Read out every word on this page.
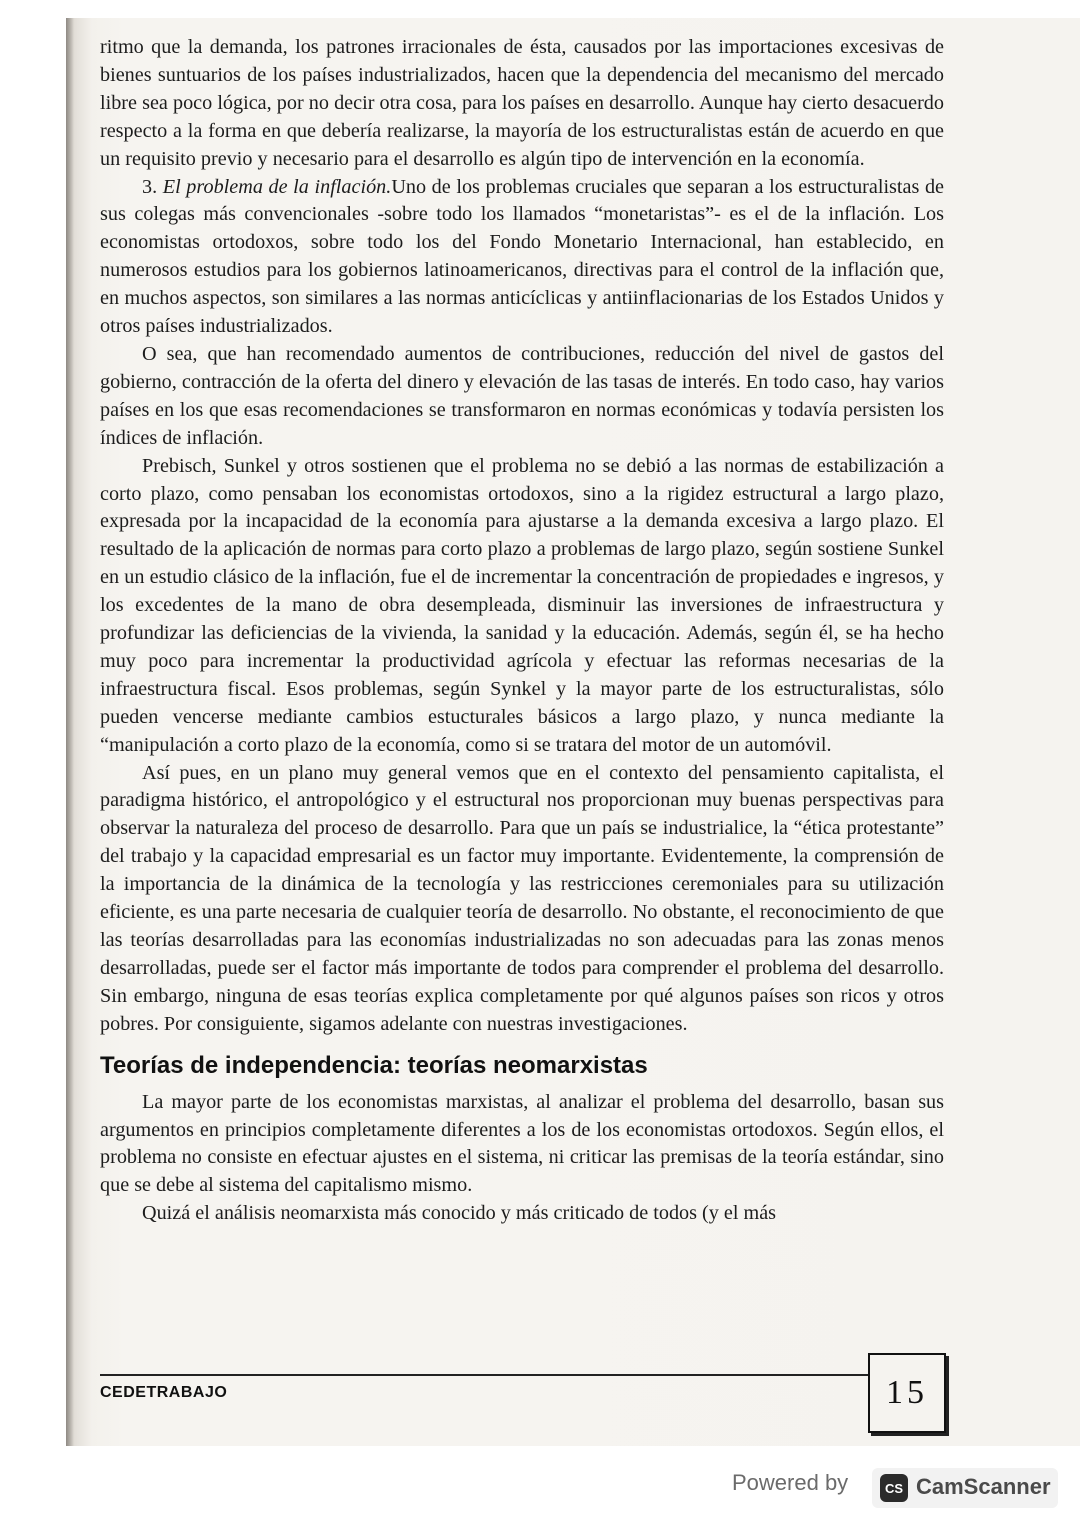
ritmo que la demanda, los patrones irracionales de ésta, causados por las importaciones excesivas de bienes suntuarios de los países industrializados, hacen que la dependencia del mecanismo del mercado libre sea poco lógica, por no decir otra cosa, para los países en desarrollo. Aunque hay cierto desacuerdo respecto a la forma en que debería realizarse, la mayoría de los estructuralistas están de acuerdo en que un requisito previo y necesario para el desarrollo es algún tipo de intervención en la economía.

3. El problema de la inflación.Uno de los problemas cruciales que separan a los estructuralistas de sus colegas más convencionales -sobre todo los llamados “monetaristas”- es el de la inflación. Los economistas ortodoxos, sobre todo los del Fondo Monetario Internacional, han establecido, en numerosos estudios para los gobiernos latinoamericanos, directivas para el control de la inflación que, en muchos aspectos, son similares a las normas anticíclicas y antiinflacionarias de los Estados Unidos y otros países industrializados.

O sea, que han recomendado aumentos de contribuciones, reducción del nivel de gastos del gobierno, contracción de la oferta del dinero y elevación de las tasas de interés. En todo caso, hay varios países en los que esas recomendaciones se transformaron en normas económicas y todavía persisten los índices de inflación.

Prebisch, Sunkel y otros sostienen que el problema no se debió a las normas de estabilización a corto plazo, como pensaban los economistas ortodoxos, sino a la rigidez estructural a largo plazo, expresada por la incapacidad de la economía para ajustarse a la demanda excesiva a largo plazo. El resultado de la aplicación de normas para corto plazo a problemas de largo plazo, según sostiene Sunkel en un estudio clásico de la inflación, fue el de incrementar la concentración de propiedades e ingresos, y los excedentes de la mano de obra desempleada, disminuir las inversiones de infraestructura y profundizar las deficiencias de la vivienda, la sanidad y la educación. Además, según él, se ha hecho muy poco para incrementar la productividad agrícola y efectuar las reformas necesarias de la infraestructura fiscal. Esos problemas, según Synkel y la mayor parte de los estructuralistas, sólo pueden vencerse mediante cambios estucturales básicos a largo plazo, y nunca mediante la “manipulación a corto plazo de la economía, como si se tratara del motor de un automóvil.

Así pues, en un plano muy general vemos que en el contexto del pensamiento capitalista, el paradigma histórico, el antropológico y el estructural nos proporcionan muy buenas perspectivas para observar la naturaleza del proceso de desarrollo. Para que un país se industrialice, la “ética protestante” del trabajo y la capacidad empresarial es un factor muy importante. Evidentemente, la comprensión de la importancia de la dinámica de la tecnología y las restricciones ceremoniales para su utilización eficiente, es una parte necesaria de cualquier teoría de desarrollo. No obstante, el reconocimiento de que las teorías desarrolladas para las economías industrializadas no son adecuadas para las zonas menos desarrolladas, puede ser el factor más importante de todos para comprender el problema del desarrollo. Sin embargo, ninguna de esas teorías explica completamente por qué algunos países son ricos y otros pobres. Por consiguiente, sigamos adelante con nuestras investigaciones.

Teorías de independencia: teorías neomarxistas

La mayor parte de los economistas marxistas, al analizar el problema del desarrollo, basan sus argumentos en principios completamente diferentes a los de los economistas ortodoxos. Según ellos, el problema no consiste en efectuar ajustes en el sistema, ni criticar las premisas de la teoría estándar, sino que se debe al sistema del capitalismo mismo.

Quizá el análisis neomarxista más conocido y más criticado de todos (y el más

CEDETRABAJO	15
Powered by	CS CamScanner
